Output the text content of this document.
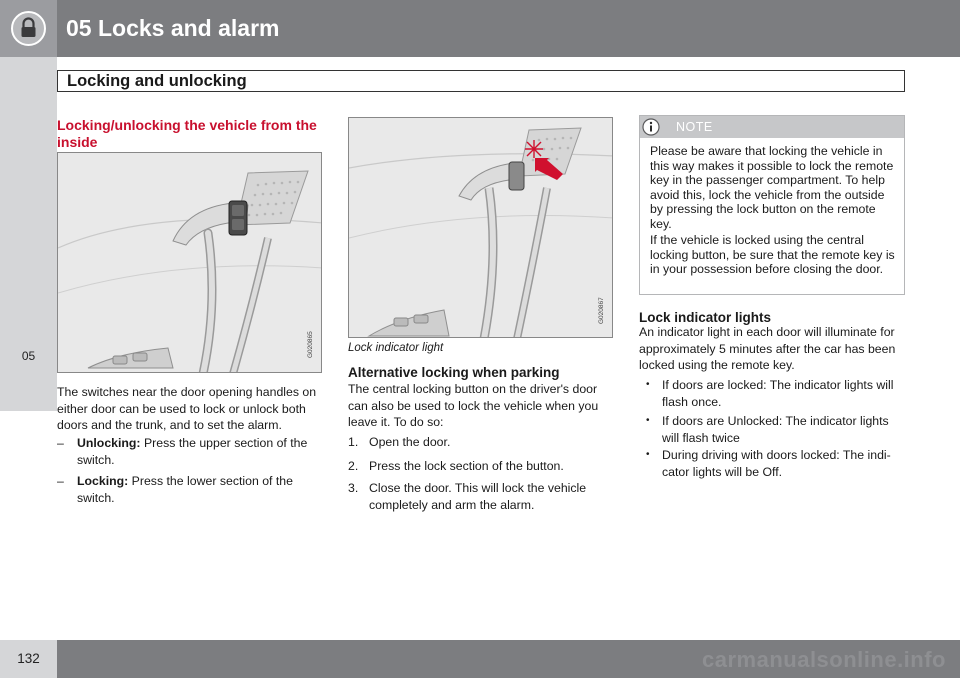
05 Locks and alarm
05
Locking and unlocking
Locking/unlocking the vehicle from the inside
G020865
The switches near the door opening handles on either door can be used to lock or unlock both doors and the trunk, and to set the alarm.
– Unlocking: Press the upper section of the switch.
– Locking: Press the lower section of the switch.
G020867
Lock indicator light
Alternative locking when parking
The central locking button on the driver's door can also be used to lock the vehicle when you leave it. To do so:
1. Open the door.
2. Press the lock section of the button.
3. Close the door. This will lock the vehicle completely and arm the alarm.
NOTE
Please be aware that locking the vehicle in this way makes it possible to lock the remote key in the passenger compartment. To help avoid this, lock the vehicle from the outside by pressing the lock button on the remote key.
If the vehicle is locked using the central locking button, be sure that the remote key is in your possession before closing the door.
Lock indicator lights
An indicator light in each door will illuminate for approximately 5 minutes after the car has been locked using the remote key.
• If doors are locked: The indicator lights will flash once.
• If doors are Unlocked: The indicator lights will flash twice
• During driving with doors locked: The indi-cator lights will be Off.
132	carmanualsonline.info
